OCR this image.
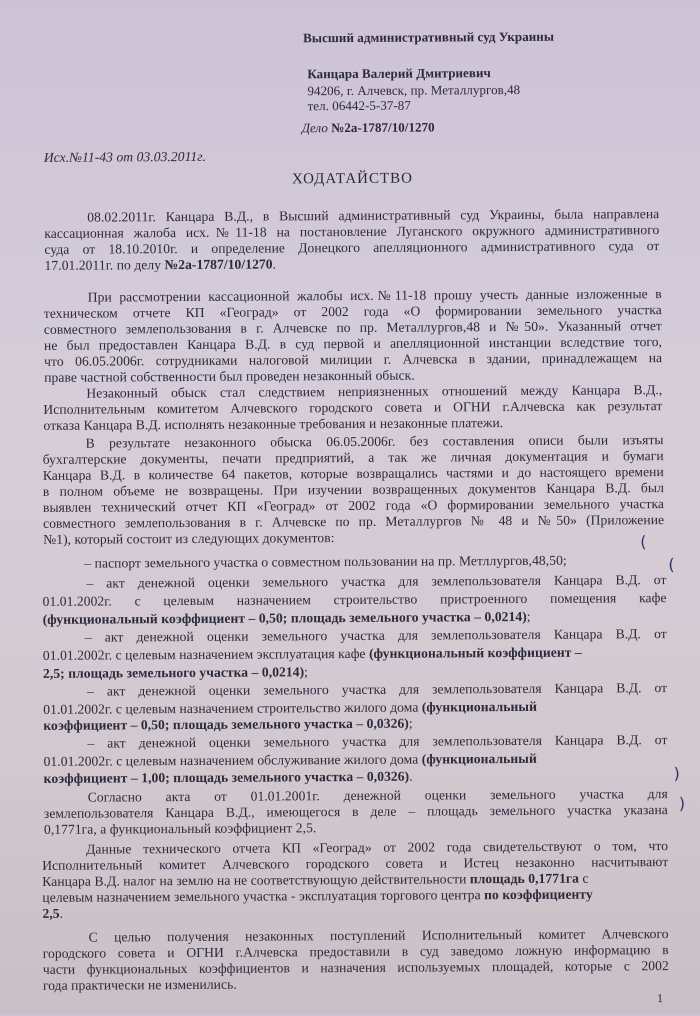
Высший административный суд Украины
Канцара Валерий Дмитриевич
94206, г. Алчевск, пр. Металлургов,48
тел. 06442-5-37-87
Дело №2а-1787/10/1270
Исх.№11-43 от 03.03.2011г.
ХОДАТАЙСТВО
08.02.2011г. Канцара В.Д., в Высший административный суд Украины, была направлена
кассационная жалоба исх.№11-18 на постановление Луганского окружного административного
суда от 18.10.2010г. и определение Донецкого апелляционного административного суда от
17.01.2011г. по делу №2а-1787/10/1270.
При рассмотрении кассационной жалобы исх.№11-18 прошу учесть данные изложенные в
техническом отчете КП «Геоград» от 2002 года «О формировании земельного участка
совместного землепользования в г. Алчевске по пр. Металлургов,48 и №50». Указанный отчет
не был предоставлен Канцара В.Д. в суд первой и апелляционной инстанции вследствие того,
что 06.05.2006г. сотрудниками налоговой милиции г. Алчевска в здании, принадлежащем на
праве частной собственности был проведен незаконный обыск.
Незаконный обыск стал следствием неприязненных отношений между Канцара В.Д.,
Исполнительным комитетом Алчевского городского совета и ОГНИ г.Алчевска как результат
отказа Канцара В.Д. исполнять незаконные требования и незаконные платежи.
В результате незаконного обыска 06.05.2006г. без составления описи были изъяты
бухгалтерские документы, печати предприятий, а так же личная документация и бумаги
Канцара В.Д. в количестве 64 пакетов, которые возвращались частями и до настоящего времени
в полном объеме не возвращены. При изучении возвращенных документов Канцара В.Д. был
выявлен технический отчет КП «Геоград» от 2002 года «О формировании земельного участка
совместного землепользования в г. Алчевске по пр. Металлургов № 48 и №50» (Приложение
№1), который состоит из следующих документов:
– паспорт земельного участка о совместном пользовании на пр. Метллургов,48,50;
– акт денежной оценки земельного участка для землепользователя Канцара В.Д. от
01.01.2002г. с целевым назначением строительство пристроенного помещения кафе
(функциональный коэффициент – 0,50; площадь земельного участка – 0,0214);
– акт денежной оценки земельного участка для землепользователя Канцара В.Д. от
01.01.2002г. с целевым назначением эксплуатация кафе (функциональный коэффициент –
2,5; площадь земельного участка – 0,0214);
– акт денежной оценки земельного участка для землепользователя Канцара В.Д. от
01.01.2002г. с целевым назначением строительство жилого дома (функциональный
коэффициент – 0,50; площадь земельного участка – 0,0326);
– акт денежной оценки земельного участка для землепользователя Канцара В.Д. от
01.01.2002г. с целевым назначением обслуживание жилого дома (функциональный
коэффициент – 1,00; площадь земельного участка – 0,0326).
Согласно акта от 01.01.2001г. денежной оценки земельного участка для
землепользователя Канцара В.Д., имеющегося в деле – площадь земельного участка указана
0,1771га, а функциональный коэффициент 2,5.
Данные технического отчета КП «Геоград» от 2002 года свидетельствуют о том, что
Исполнительный комитет Алчевского городского совета и Истец незаконно насчитывают
Канцара В.Д. налог на землю на не соответствующую действительности площадь 0,1771га с
целевым назначением земельного участка - эксплуатация торгового центра по коэффициенту
2,5.
С целью получения незаконных поступлений Исполнительный комитет Алчевского
городского совета и ОГНИ г.Алчевска предоставили в суд заведомо ложную информацию в
части функциональных коэффициентов и назначения используемых площадей, которые с 2002
года практически не изменились.
1
(
(
)
)
